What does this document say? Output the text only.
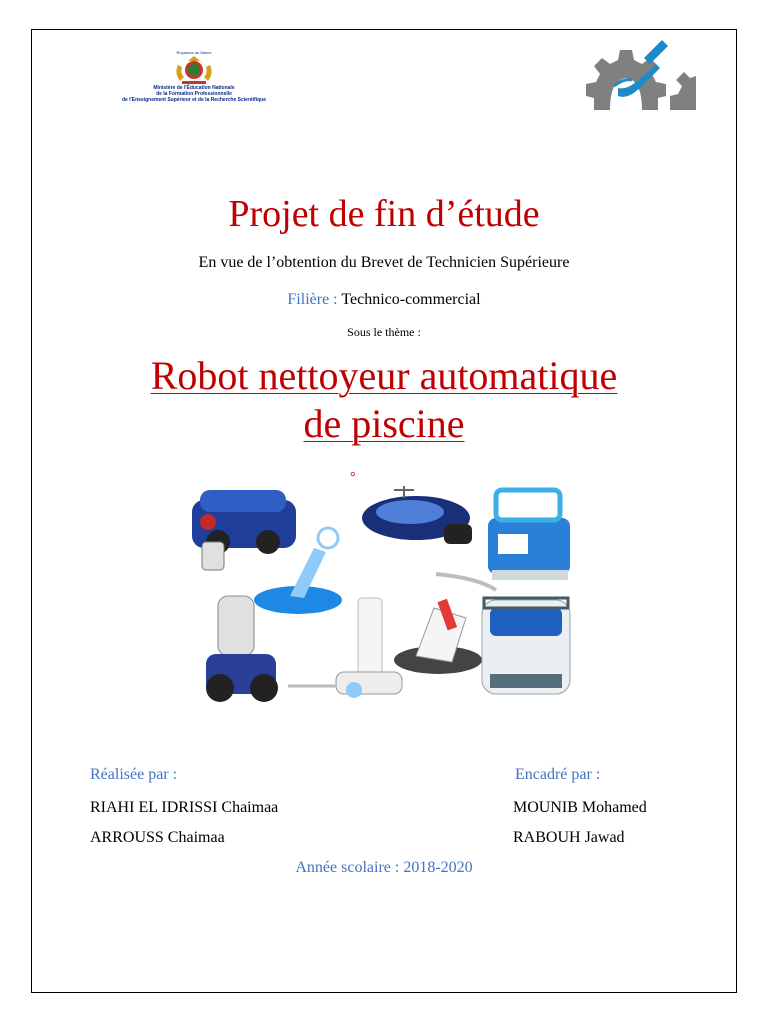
Royaume du Maroc
Ministère de l'Éducation Nationale
de la Formation Professionnelle
de l'Enseignement Supérieur et de la Recherche Scientifique
Projet de fin d’étude
En vue de l’obtention du Brevet de Technicien Supérieure
Filière : Technico-commercial
Sous le thème :
Robot nettoyeur automatique
de piscine
°
Réalisée par :
RIAHI EL IDRISSI Chaimaa
ARROUSS Chaimaa
Encadré par :
MOUNIB Mohamed
RABOUH Jawad
Année scolaire : 2018-2020
